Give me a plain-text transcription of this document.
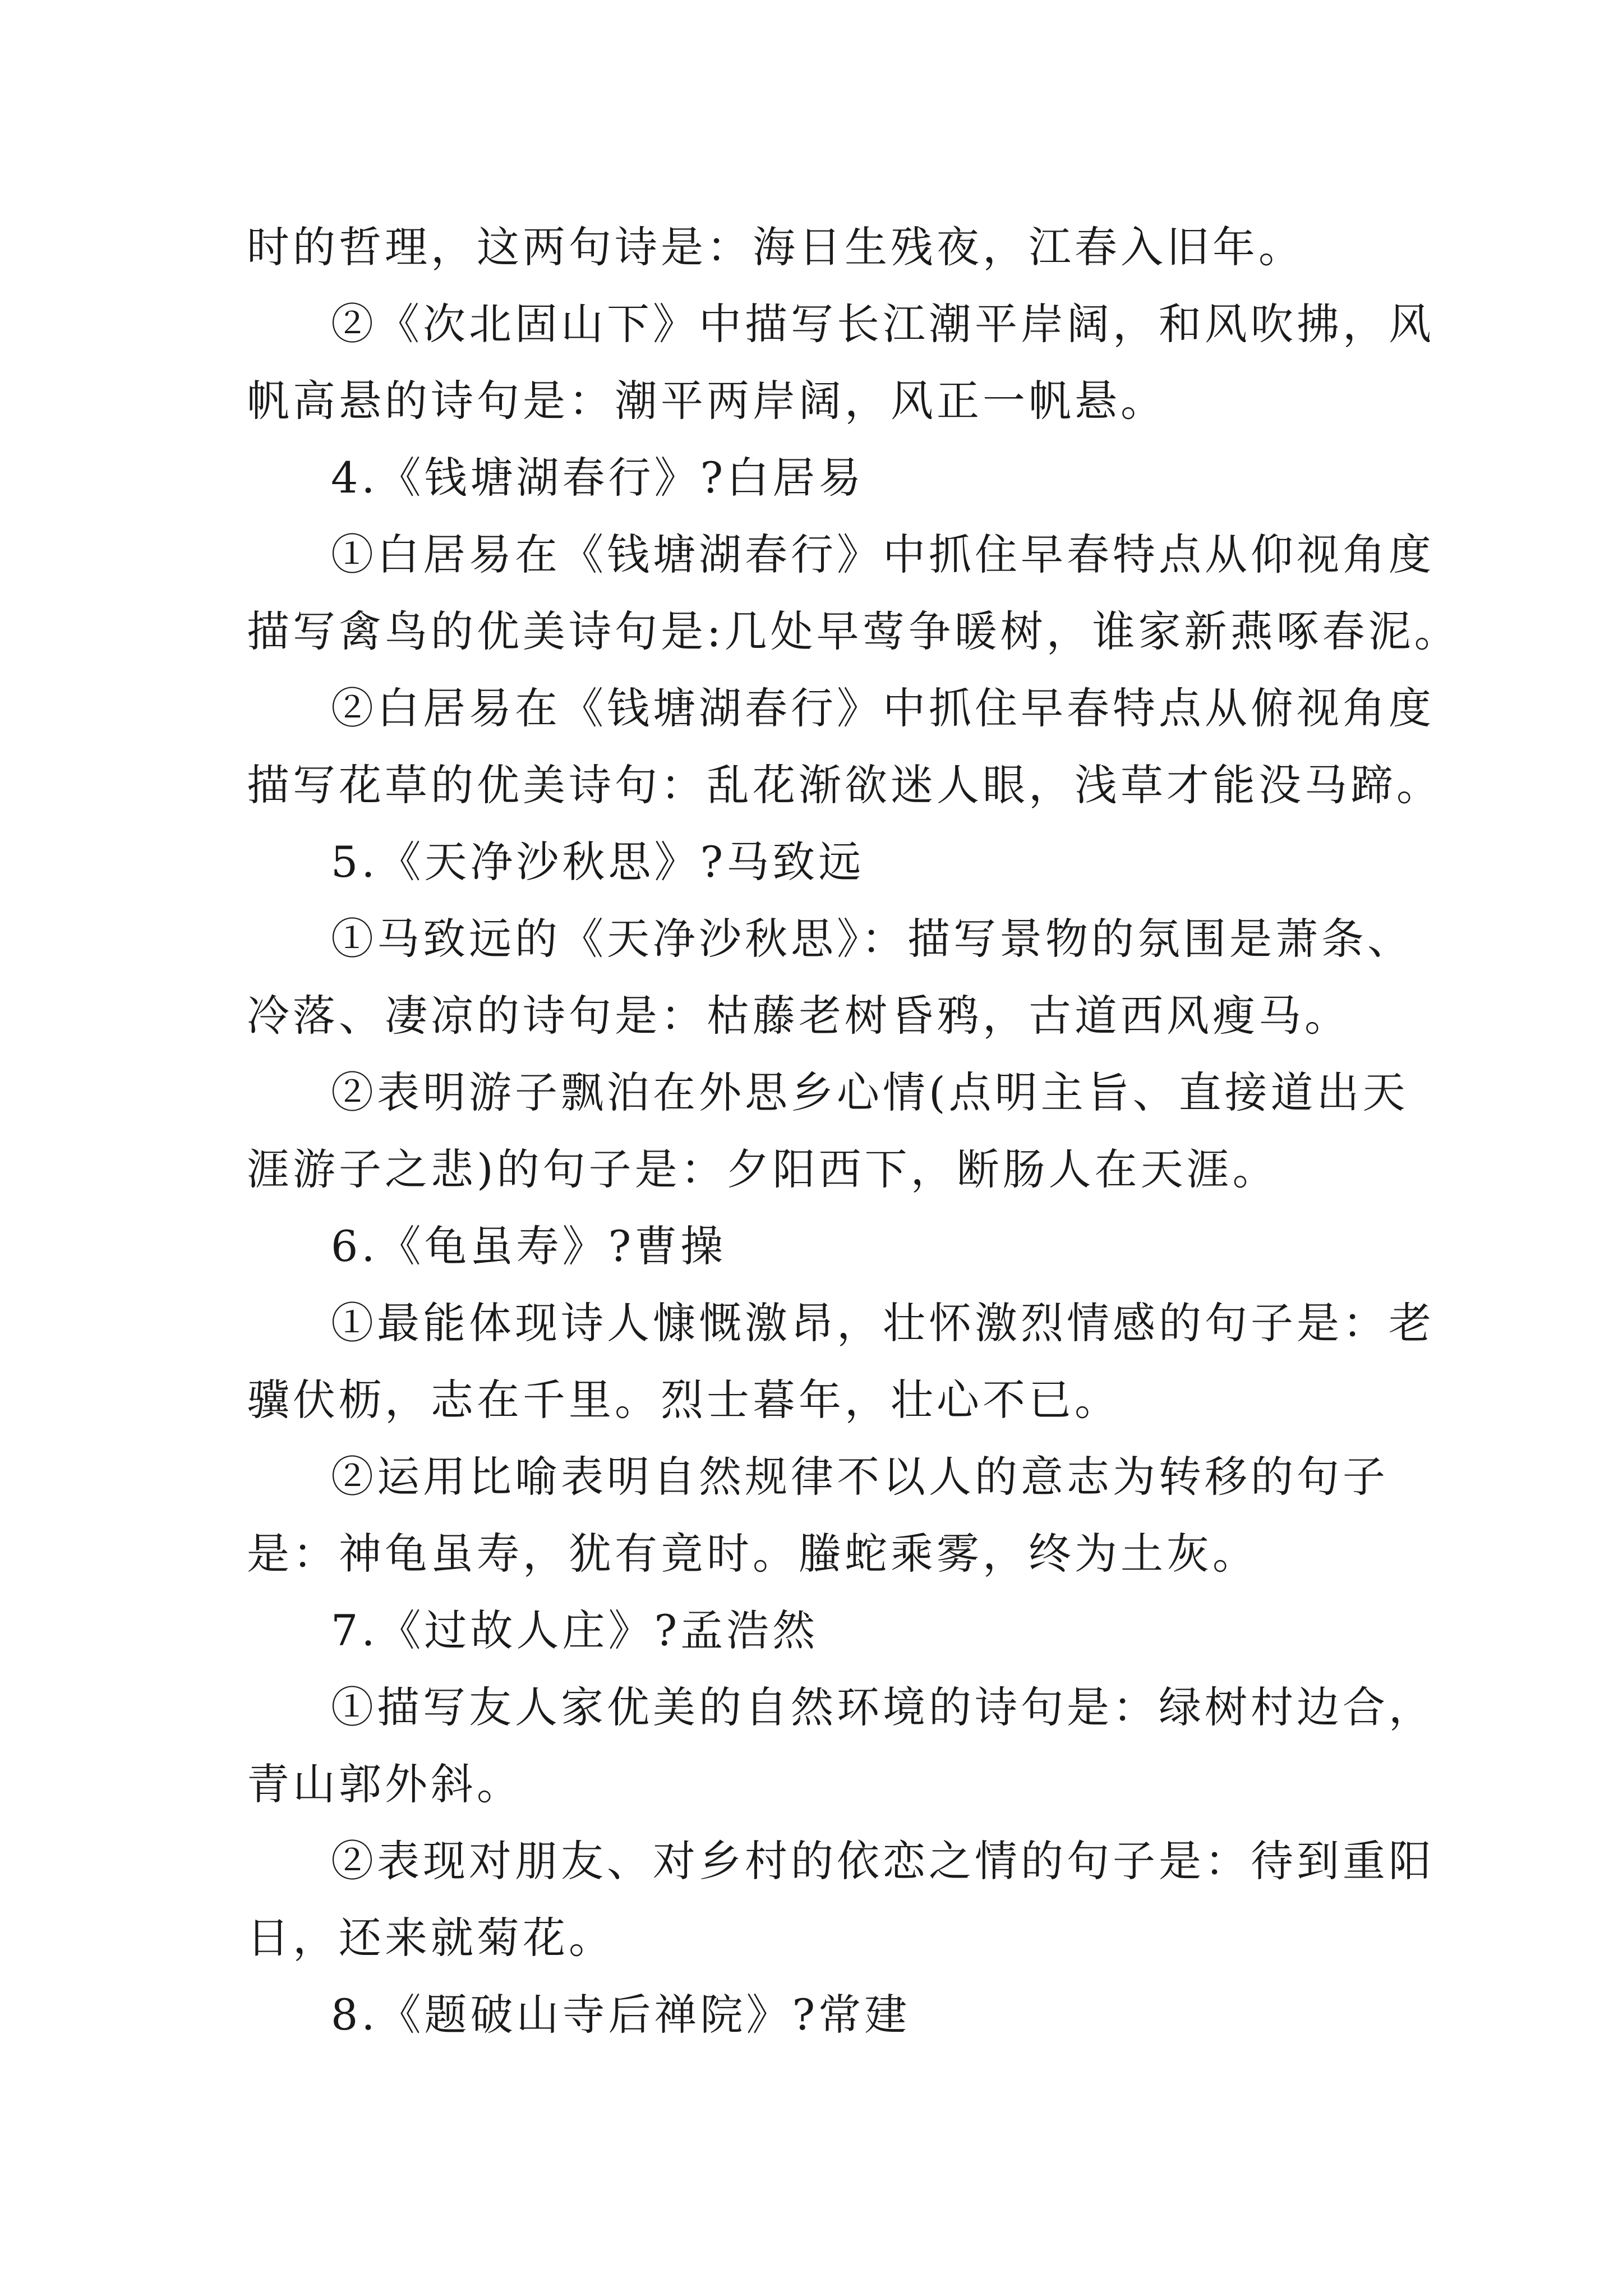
时的哲理，这两句诗是：海日生残夜，江春入旧年。
②《次北固山下》中描写长江潮平岸阔，和风吹拂，风
帆高悬的诗句是：潮平两岸阔，风正一帆悬。
4.《钱塘湖春行》?白居易
①白居易在《钱塘湖春行》中抓住早春特点从仰视角度
描写禽鸟的优美诗句是:几处早莺争暖树，谁家新燕啄春泥。
②白居易在《钱塘湖春行》中抓住早春特点从俯视角度
描写花草的优美诗句：乱花渐欲迷人眼，浅草才能没马蹄。
5.《天净沙秋思》?马致远
①马致远的《天净沙秋思》：描写景物的氛围是萧条、
冷落、凄凉的诗句是：枯藤老树昏鸦，古道西风瘦马。
②表明游子飘泊在外思乡心情(点明主旨、直接道出天
涯游子之悲)的句子是：夕阳西下，断肠人在天涯。
6.《龟虽寿》?曹操
①最能体现诗人慷慨激昂，壮怀激烈情感的句子是：老
骥伏枥，志在千里。烈士暮年，壮心不已。
②运用比喻表明自然规律不以人的意志为转移的句子
是：神龟虽寿，犹有竟时。螣蛇乘雾，终为土灰。
7.《过故人庄》?孟浩然
①描写友人家优美的自然环境的诗句是：绿树村边合，
青山郭外斜。
②表现对朋友、对乡村的依恋之情的句子是：待到重阳
日，还来就菊花。
8.《题破山寺后禅院》?常建
